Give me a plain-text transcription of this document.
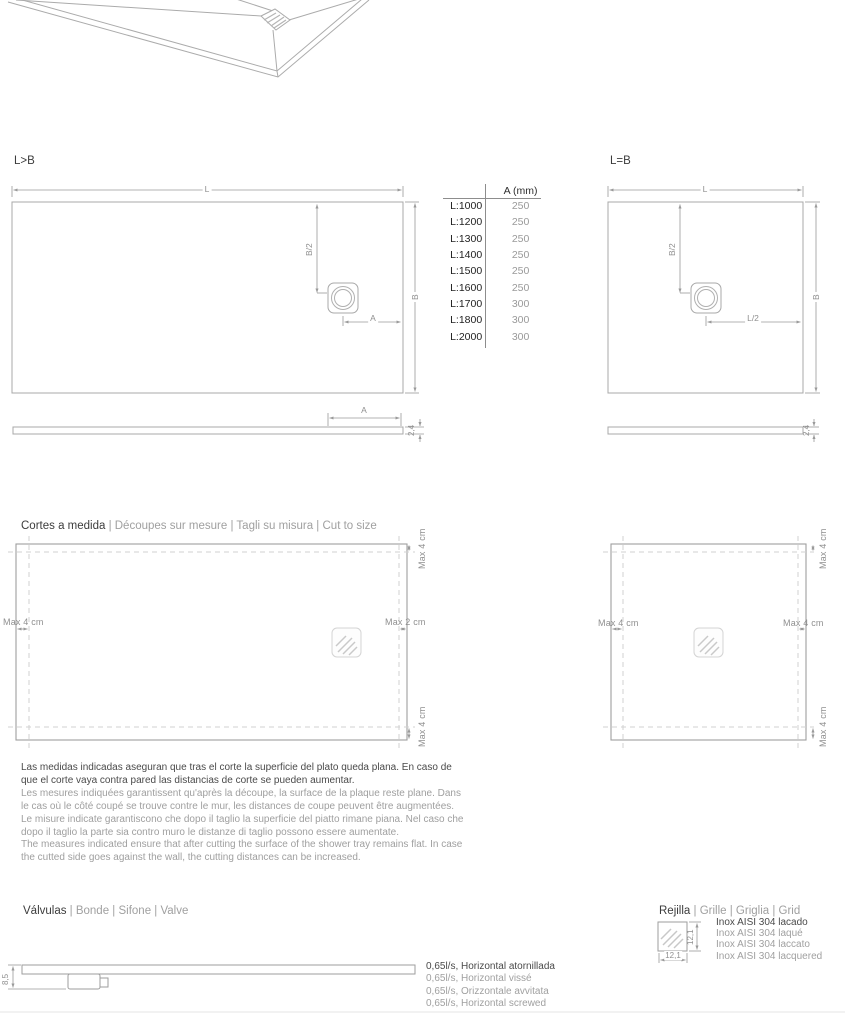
L>B	L=B
L
B/2
B
A
A
2,4
L
B/2
B
L/2
2,4
A (mm)
L:1000	250
L:1200	250
L:1300	250
L:1400	250
L:1500	250
L:1600	250
L:1700	300
L:1800	300
L:2000	300
Cortes a medida | Découpes sur mesure | Tagli su misura | Cut to size
Max 4 cm
Max 4 cm	Max 2 cm
Max 4 cm
Max 4 cm
Max 4 cm	Max 4 cm
Max 4 cm
Las medidas indicadas aseguran que tras el corte la superficie del plato queda plana. En caso de
que el corte vaya contra pared las distancias de corte se pueden aumentar.
Les mesures indiquées garantissent qu'après la découpe, la surface de la plaque reste plane. Dans
le cas où le côté coupé se trouve contre le mur, les distances de coupe peuvent être augmentées.
Le misure indicate garantiscono che dopo il taglio la superficie del piatto rimane piana. Nel caso che
dopo il taglio la parte sia contro muro le distanze di taglio possono essere aumentate.
The measures indicated ensure that after cutting the surface of the shower tray remains flat. In case
the cutted side goes against the wall, the cutting distances can be increased.
Válvulas | Bonde | Sifone | Valve
8,5
0,65l/s, Horizontal atornillada
0,65l/s, Horizontal vissé
0,65l/s, Orizzontale avvitata
0,65l/s, Horizontal screwed
Rejilla | Grille | Griglia | Grid
12,1
12,1
Inox AISI 304 lacado
Inox AISI 304 laqué
Inox AISI 304 laccato
Inox AISI 304 lacquered
